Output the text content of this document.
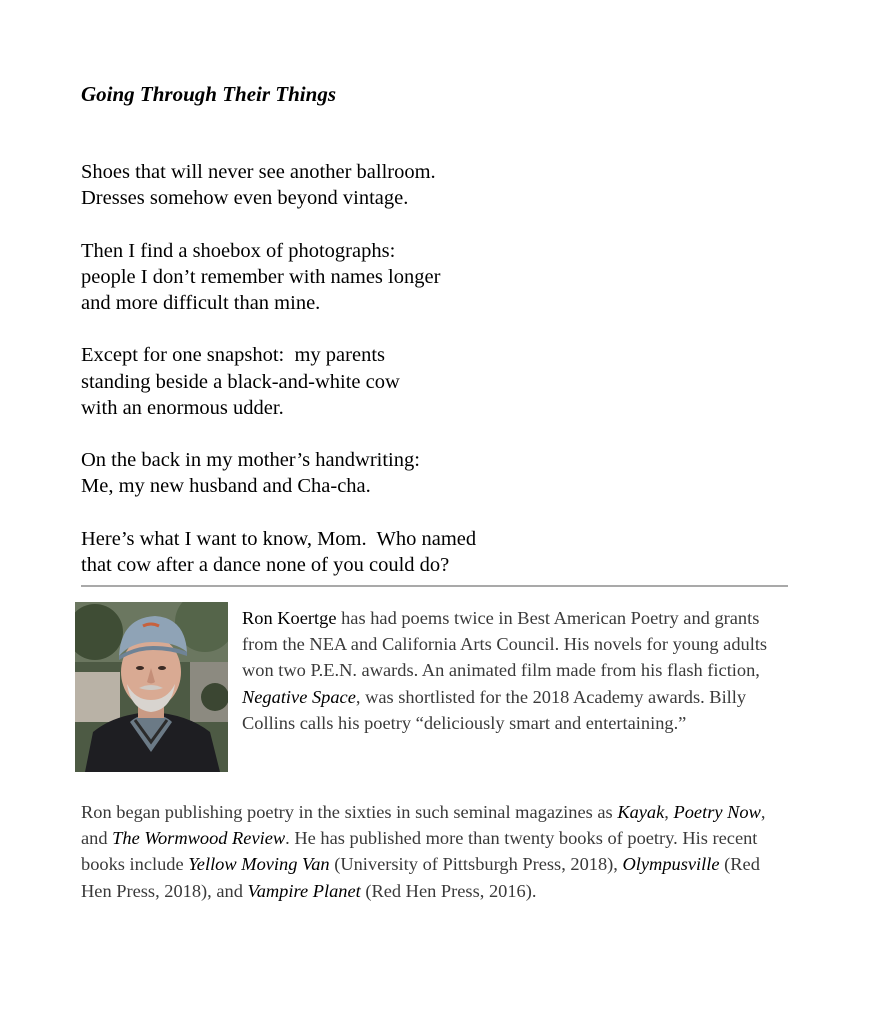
Going Through Their Things

Shoes that will never see another ballroom.
Dresses somehow even beyond vintage.

Then I find a shoebox of photographs:
people I don’t remember with names longer
and more difficult than mine.

Except for one snapshot:  my parents
standing beside a black-and-white cow
with an enormous udder.

On the back in my mother’s handwriting:
Me, my new husband and Cha-cha.

Here’s what I want to know, Mom.  Who named
that cow after a dance none of you could do?

Ron Koertge has had poems twice in Best American Poetry and grants from the NEA and California Arts Council. His novels for young adults won two P.E.N. awards. An animated film made from his flash fiction, Negative Space, was shortlisted for the 2018 Academy awards. Billy Collins calls his poetry “deliciously smart and entertaining.”
Ron began publishing poetry in the sixties in such seminal magazines as Kayak, Poetry Now, and The Wormwood Review. He has published more than twenty books of poetry. His recent books include Yellow Moving Van (University of Pittsburgh Press, 2018), Olympusville (Red Hen Press, 2018), and Vampire Planet (Red Hen Press, 2016).
